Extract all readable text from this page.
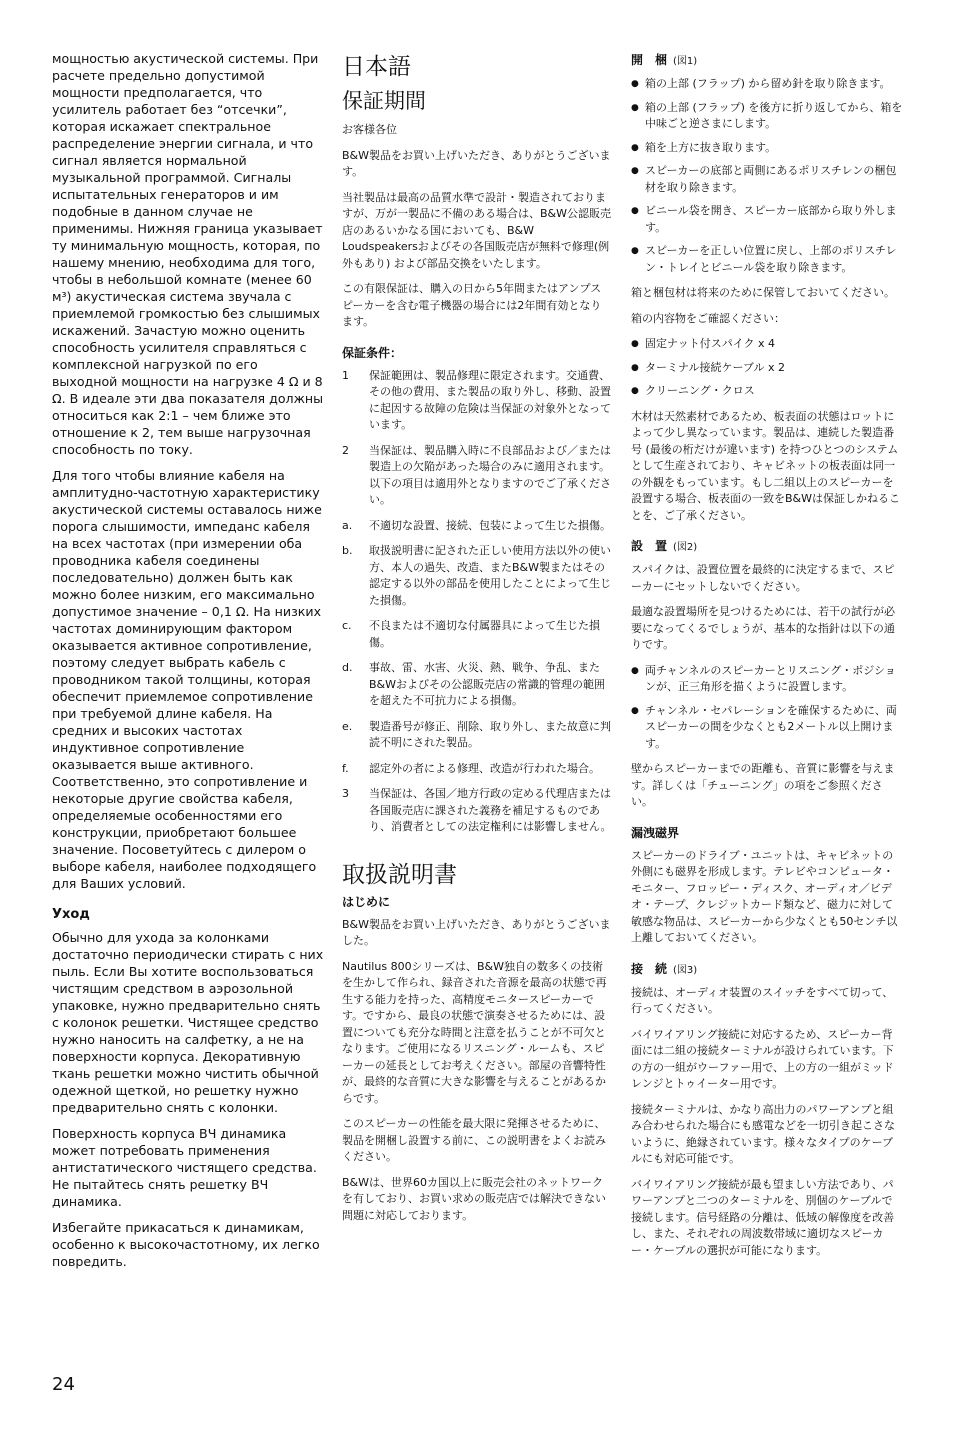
мощностью акустической системы. При расчете предельно допустимой мощности предполагается, что усилитель работает без “отсечки”, которая искажает спектральное распределение энергии сигнала, и что сигнал является нормальной музыкальной программой. Сигналы испытательных генераторов и им подобные в данном случае не применимы. Нижняя граница указывает ту минимальную мощность, которая, по нашему мнению, необходима для того, чтобы в небольшой комнате (менее 60 м³) акустическая система звучала с приемлемой громкостью без слышимых искажений. Зачастую можно оценить способность усилителя справляться с комплексной нагрузкой по его выходной мощности на нагрузке 4 Ω и 8 Ω. В идеале эти два показателя должны относиться как 2:1 – чем ближе это отношение к 2, тем выше нагрузочная способность по току.

Для того чтобы влияние кабеля на амплитудно-частотную характеристику акустической системы оставалось ниже порога слышимости, импеданс кабеля на всех частотах (при измерении оба проводника кабеля соединены последовательно) должен быть как можно более низким, его максимально допустимое значение – 0,1 Ω. На низких частотах доминирующим фактором оказывается активное сопротивление, поэтому следует выбрать кабель с проводником такой толщины, которая обеспечит приемлемое сопротивление при требуемой длине кабеля. На средних и высоких частотах индуктивное сопротивление оказывается выше активного. Соответственно, это сопротивление и некоторые другие свойства кабеля, определяемые особенностями его конструкции, приобретают большее значение. Посоветуйтесь с дилером о выборе кабеля, наиболее подходящего для Ваших условий.

Уход

Обычно для ухода за колонками достаточно периодически стирать с них пыль. Если Вы хотите воспользоваться чистящим средством в аэрозольной упаковке, нужно предварительно снять с колонок решетки. Чистящее средство нужно наносить на салфетку, а не на поверхности корпуса. Декоративную ткань решетки можно чистить обычной одежной щеткой, но решетку нужно предварительно снять с колонки.

Поверхность корпуса ВЧ динамика может потребовать применения антистатического чистящего средства. Не пытайтесь снять решетку ВЧ динамика.

Избегайте прикасаться к динамикам, особенно к высокочастотному, их легко повредить.

日本語
保証期間

お客様各位

B&W製品をお買い上げいただき、ありがとうございます。

当社製品は最高の品質水準で設計・製造されておりますが、万が一製品に不備のある場合は、B&W公認販売店のあるいかなる国においても、B&W Loudspeakersおよびその各国販売店が無料で修理(例外もあり) および部品交換をいたします。

この有限保証は、購入の日から5年間またはアンプスピーカーを含む電子機器の場合には2年間有効となります。

保証条件：
1 保証範囲は、製品修理に限定されます。交通費、その他の費用、また製品の取り外し、移動、設置に起因する故障の危険は当保証の対象外となっています。
2 当保証は、製品購入時に不良部品および／または製造上の欠陥があった場合のみに適用されます。以下の項目は適用外となりますのでご了承ください。
a. 不適切な設置、接続、包装によって生じた損傷。
b. 取扱説明書に記された正しい使用方法以外の使い方、本人の過失、改造、またB&W製またはその認定する以外の部品を使用したことによって生じた損傷。
c. 不良または不適切な付属器具によって生じた損傷。
d. 事故、雷、水害、火災、熱、戦争、争乱、またB&Wおよびその公認販売店の常識的管理の範囲を超えた不可抗力による損傷。
e. 製造番号が修正、削除、取り外し、また故意に判読不明にされた製品。
f. 認定外の者による修理、改造が行われた場合。
3 当保証は、各国／地方行政の定める代理店または各国販売店に課された義務を補足するものであり、消費者としての法定権利には影響しません。
取扱説明書
はじめに

B&W製品をお買い上げいただき、ありがとうございました。

Nautilus 800シリーズは、B&W独自の数多くの技術を生かして作られ、録音された音源を最高の状態で再生する能力を持った、高精度モニタースピーカーです。ですから、最良の状態で演奏させるためには、設置についても充分な時間と注意を払うことが不可欠となります。ご使用になるリスニング・ルームも、スピーカーの延長としてお考えください。部屋の音響特性が、最終的な音質に大きな影響を与えることがあるからです。

このスピーカーの性能を最大限に発揮させるために、製品を開梱し設置する前に、この説明書をよくお読みください。

B&Wは、世界60カ国以上に販売会社のネットワークを有しており、お買い求めの販売店では解決できない問題に対応しております。

開　梱 (図1)
● 箱の上部 (フラップ) から留め針を取り除きます。
● 箱の上部 (フラップ) を後方に折り返してから、箱を中味ごと逆さまにします。
● 箱を上方に抜き取ります。
● スピーカーの底部と両側にあるポリスチレンの梱包材を取り除きます。
● ビニール袋を開き、スピーカー底部から取り外します。
● スピーカーを正しい位置に戻し、上部のポリスチレン・トレイとビニール袋を取り除きます。

箱と梱包材は将来のために保管しておいてください。

箱の内容物をご確認ください：

● 固定ナット付スパイク x 4
● ターミナル接続ケーブル x 2
● クリーニング・クロス

木材は天然素材であるため、板表面の状態はロットによって少し異なっています。製品は、連続した製造番号 (最後の桁だけが違います) を持つひとつのシステムとして生産されており、キャビネットの板表面は同一の外観をもっています。もし二組以上のスピーカーを設置する場合、板表面の一致をB&Wは保証しかねることを、ご了承ください。

設　置 (図2)

スパイクは、設置位置を最終的に決定するまで、スピーカーにセットしないでください。

最適な設置場所を見つけるためには、若干の試行が必要になってくるでしょうが、基本的な指針は以下の通りです。

● 両チャンネルのスピーカーとリスニング・ポジションが、正三角形を描くように設置します。
● チャンネル・セパレーションを確保するために、両スピーカーの間を少なくとも2メートル以上開けます。

壁からスピーカーまでの距離も、音質に影響を与えます。詳しくは「チューニング」の項をご参照ください。

漏洩磁界

スピーカーのドライブ・ユニットは、キャビネットの外側にも磁界を形成します。テレビやコンピュータ・モニター、フロッピー・ディスク、オーディオ／ビデオ・テープ、クレジットカード類など、磁力に対して敏感な物品は、スピーカーから少なくとも50センチ以上離しておいてください。

接　続 (図3)

接続は、オーディオ装置のスイッチをすべて切って、行ってください。

バイワイアリング接続に対応するため、スピーカー背面には二組の接続ターミナルが設けられています。下の方の一組がウーファー用で、上の方の一組がミッドレンジとトゥイーター用です。

接続ターミナルは、かなり高出力のパワーアンプと組み合わせられた場合にも感電などを一切引き起こさないように、絶縁されています。様々なタイプのケーブルにも対応可能です。

バイワイアリング接続が最も望ましい方法であり、パワーアンプと二つのターミナルを、別個のケーブルで接続します。信号経路の分離は、低域の解像度を改善し、また、それぞれの周波数帯域に適切なスピーカー・ケーブルの選択が可能になります。

24
